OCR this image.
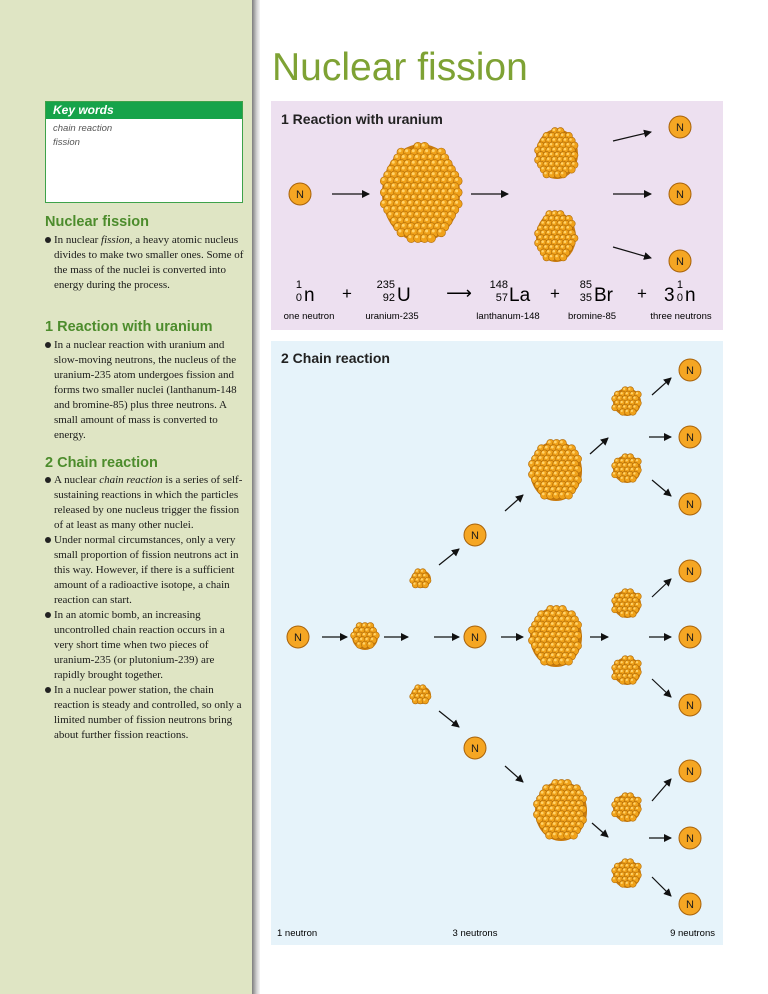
Nuclear fission
Key words
chain reaction
fission
Nuclear fission
In nuclear fission, a heavy atomic nucleus divides to make two smaller ones. Some of the mass of the nuclei is converted into energy during the process.
1 Reaction with uranium
In a nuclear reaction with uranium and slow-moving neutrons, the nucleus of the uranium-235 atom undergoes fission and forms two smaller nuclei (lanthanum-148 and bromine-85) plus three neutrons. A small amount of mass is converted to energy.
2 Chain reaction
A nuclear chain reaction is a series of self-sustaining reactions in which the particles released by one nucleus trigger the fission of at least as many other nuclei.
Under normal circumstances, only a very small proportion of fission neutrons act in this way. However, if there is a sufficient amount of a radioactive isotope, a chain reaction can start.
In an atomic bomb, an increasing uncontrolled chain reaction occurs in a very short time when two pieces of uranium-235 (or plutonium-239) are rapidly brought together.
In a nuclear power station, the chain reaction is steady and controlled, so only a limited number of fission neutrons bring about further fission reactions.
1 Reaction with uranium
N
N
N
N
1
0 n + 235
92 U ⟶ 148
57 La + 85
35 Br + 3 1
0 n
one neutron	uranium-235	lanthanum-148	bromine-85	three neutrons
2 Chain reaction
N
N
N
N
N
N
N
N
N
N
N
N
N
1 neutron	3 neutrons	9 neutrons
